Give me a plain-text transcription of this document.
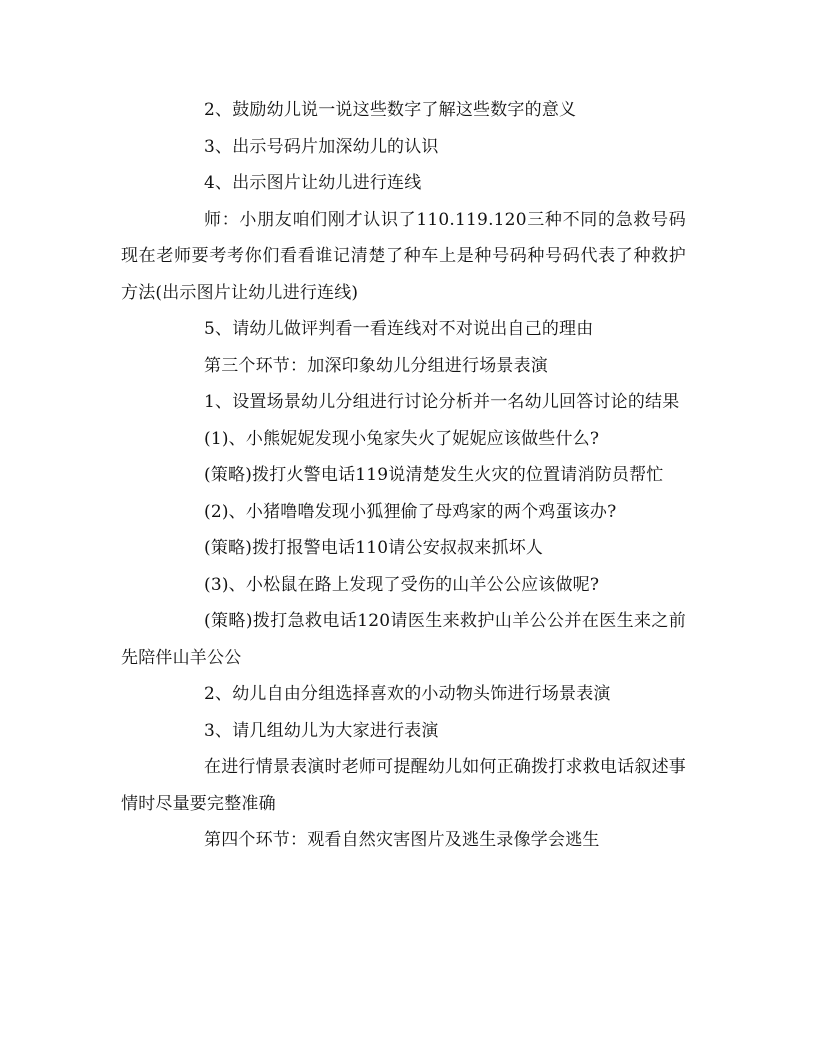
2、鼓励幼儿说一说这些数字了解这些数字的意义

3、出示号码片加深幼儿的认识

4、出示图片让幼儿进行连线

师：小朋友咱们刚才认识了110.119.120三种不同的急救号码现在老师要考考你们看看谁记清楚了种车上是种号码种号码代表了种救护方法(出示图片让幼儿进行连线)

5、请幼儿做评判看一看连线对不对说出自己的理由

第三个环节：加深印象幼儿分组进行场景表演

1、设置场景幼儿分组进行讨论分析并一名幼儿回答讨论的结果

(1)、小熊妮妮发现小兔家失火了妮妮应该做些什么?

(策略)拨打火警电话119说清楚发生火灾的位置请消防员帮忙

(2)、小猪噜噜发现小狐狸偷了母鸡家的两个鸡蛋该办?

(策略)拨打报警电话110请公安叔叔来抓坏人

(3)、小松鼠在路上发现了受伤的山羊公公应该做呢?

(策略)拨打急救电话120请医生来救护山羊公公并在医生来之前先陪伴山羊公公

2、幼儿自由分组选择喜欢的小动物头饰进行场景表演

3、请几组幼儿为大家进行表演

在进行情景表演时老师可提醒幼儿如何正确拨打求救电话叙述事情时尽量要完整准确

第四个环节：观看自然灾害图片及逃生录像学会逃生
